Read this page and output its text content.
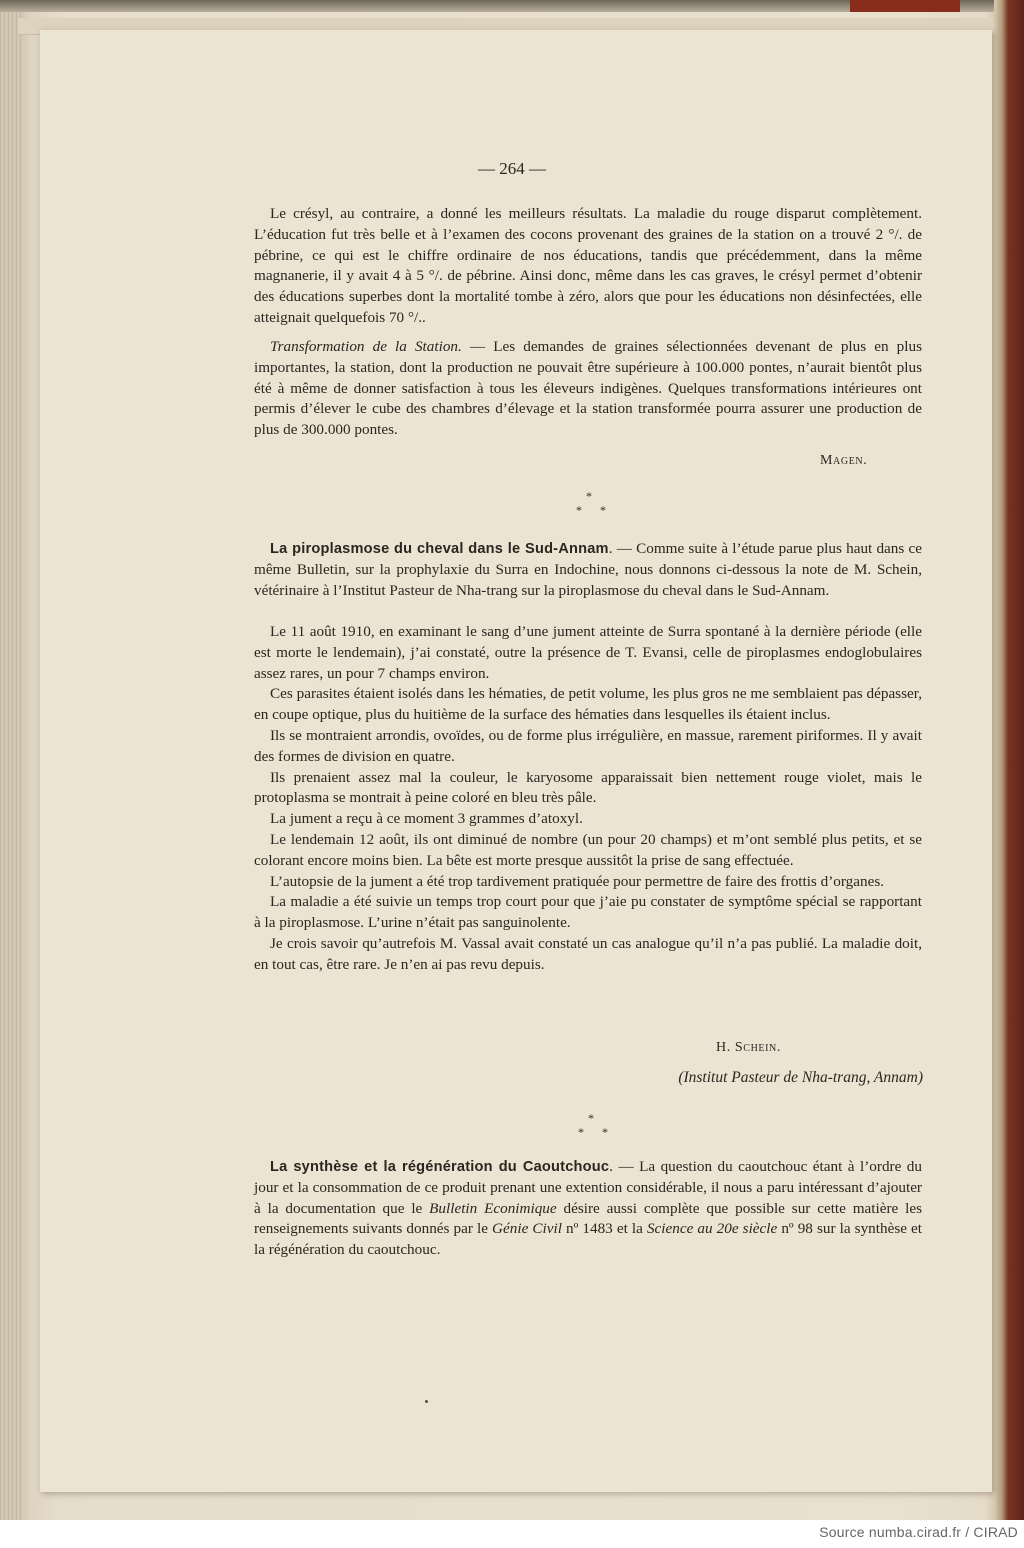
— 264 —

Le crésyl, au contraire, a donné les meilleurs résultats. La maladie du rouge disparut complètement. L’éducation fut très belle et à l’examen des cocons provenant des graines de la station on a trouvé 2 °/. de pébrine, ce qui est le chiffre ordinaire de nos éducations, tandis que précédemment, dans la même magnanerie, il y avait 4 à 5 °/. de pébrine. Ainsi donc, même dans les cas graves, le crésyl permet d’obtenir des éducations superbes dont la mortalité tombe à zéro, alors que pour les éducations non désinfectées, elle atteignait quelquefois 70 °/..

Transformation de la Station. — Les demandes de graines sélectionnées devenant de plus en plus importantes, la station, dont la production ne pouvait être supérieure à 100.000 pontes, n’aurait bientôt plus été à même de donner satisfaction à tous les éleveurs indigènes. Quelques transformations intérieures ont permis d’élever le cube des chambres d’élevage et la station transformée pourra assurer une production de plus de 300.000 pontes.

Magen.
*
* *

La piroplasmose du cheval dans le Sud-Annam. — Comme suite à l’étude parue plus haut dans ce même Bulletin, sur la prophylaxie du Surra en Indochine, nous donnons ci-dessous la note de M. Schein, vétérinaire à l’Institut Pasteur de Nha-trang sur la piroplasmose du cheval dans le Sud-Annam.

Le 11 août 1910, en examinant le sang d’une jument atteinte de Surra spontané à la dernière période (elle est morte le lendemain), j’ai constaté, outre la présence de T. Evansi, celle de piroplasmes endoglobulaires assez rares, un pour 7 champs environ.

Ces parasites étaient isolés dans les hématies, de petit volume, les plus gros ne me semblaient pas dépasser, en coupe optique, plus du huitième de la surface des hématies dans lesquelles ils étaient inclus.

Ils se montraient arrondis, ovoïdes, ou de forme plus irrégulière, en massue, rarement piriformes. Il y avait des formes de division en quatre.

Ils prenaient assez mal la couleur, le karyosome apparaissait bien nettement rouge violet, mais le protoplasma se montrait à peine coloré en bleu très pâle.

La jument a reçu à ce moment 3 grammes d’atoxyl.

Le lendemain 12 août, ils ont diminué de nombre (un pour 20 champs) et m’ont semblé plus petits, et se colorant encore moins bien. La bête est morte presque aussitôt la prise de sang effectuée.

L’autopsie de la jument a été trop tardivement pratiquée pour permettre de faire des frottis d’organes.

La maladie a été suivie un temps trop court pour que j’aie pu constater de symptôme spécial se rapportant à la piroplasmose. L’urine n’était pas sanguinolente.

Je crois savoir qu’autrefois M. Vassal avait constaté un cas analogue qu’il n’a pas publié. La maladie doit, en tout cas, être rare. Je n’en ai pas revu depuis.

H. Schein.
(Institut Pasteur de Nha-trang, Annam)
*
* *

La synthèse et la régénération du Caoutchouc. — La question du caoutchouc étant à l’ordre du jour et la consommation de ce produit prenant une extention considérable, il nous a paru intéressant d’ajouter à la documentation que le Bulletin Econimique désire aussi complète que possible sur cette matière les renseignements suivants donnés par le Génie Civil nº 1483 et la Science au 20e siècle nº 98 sur la synthèse et la régénération du caoutchouc.

Source numba.cirad.fr / CIRAD
